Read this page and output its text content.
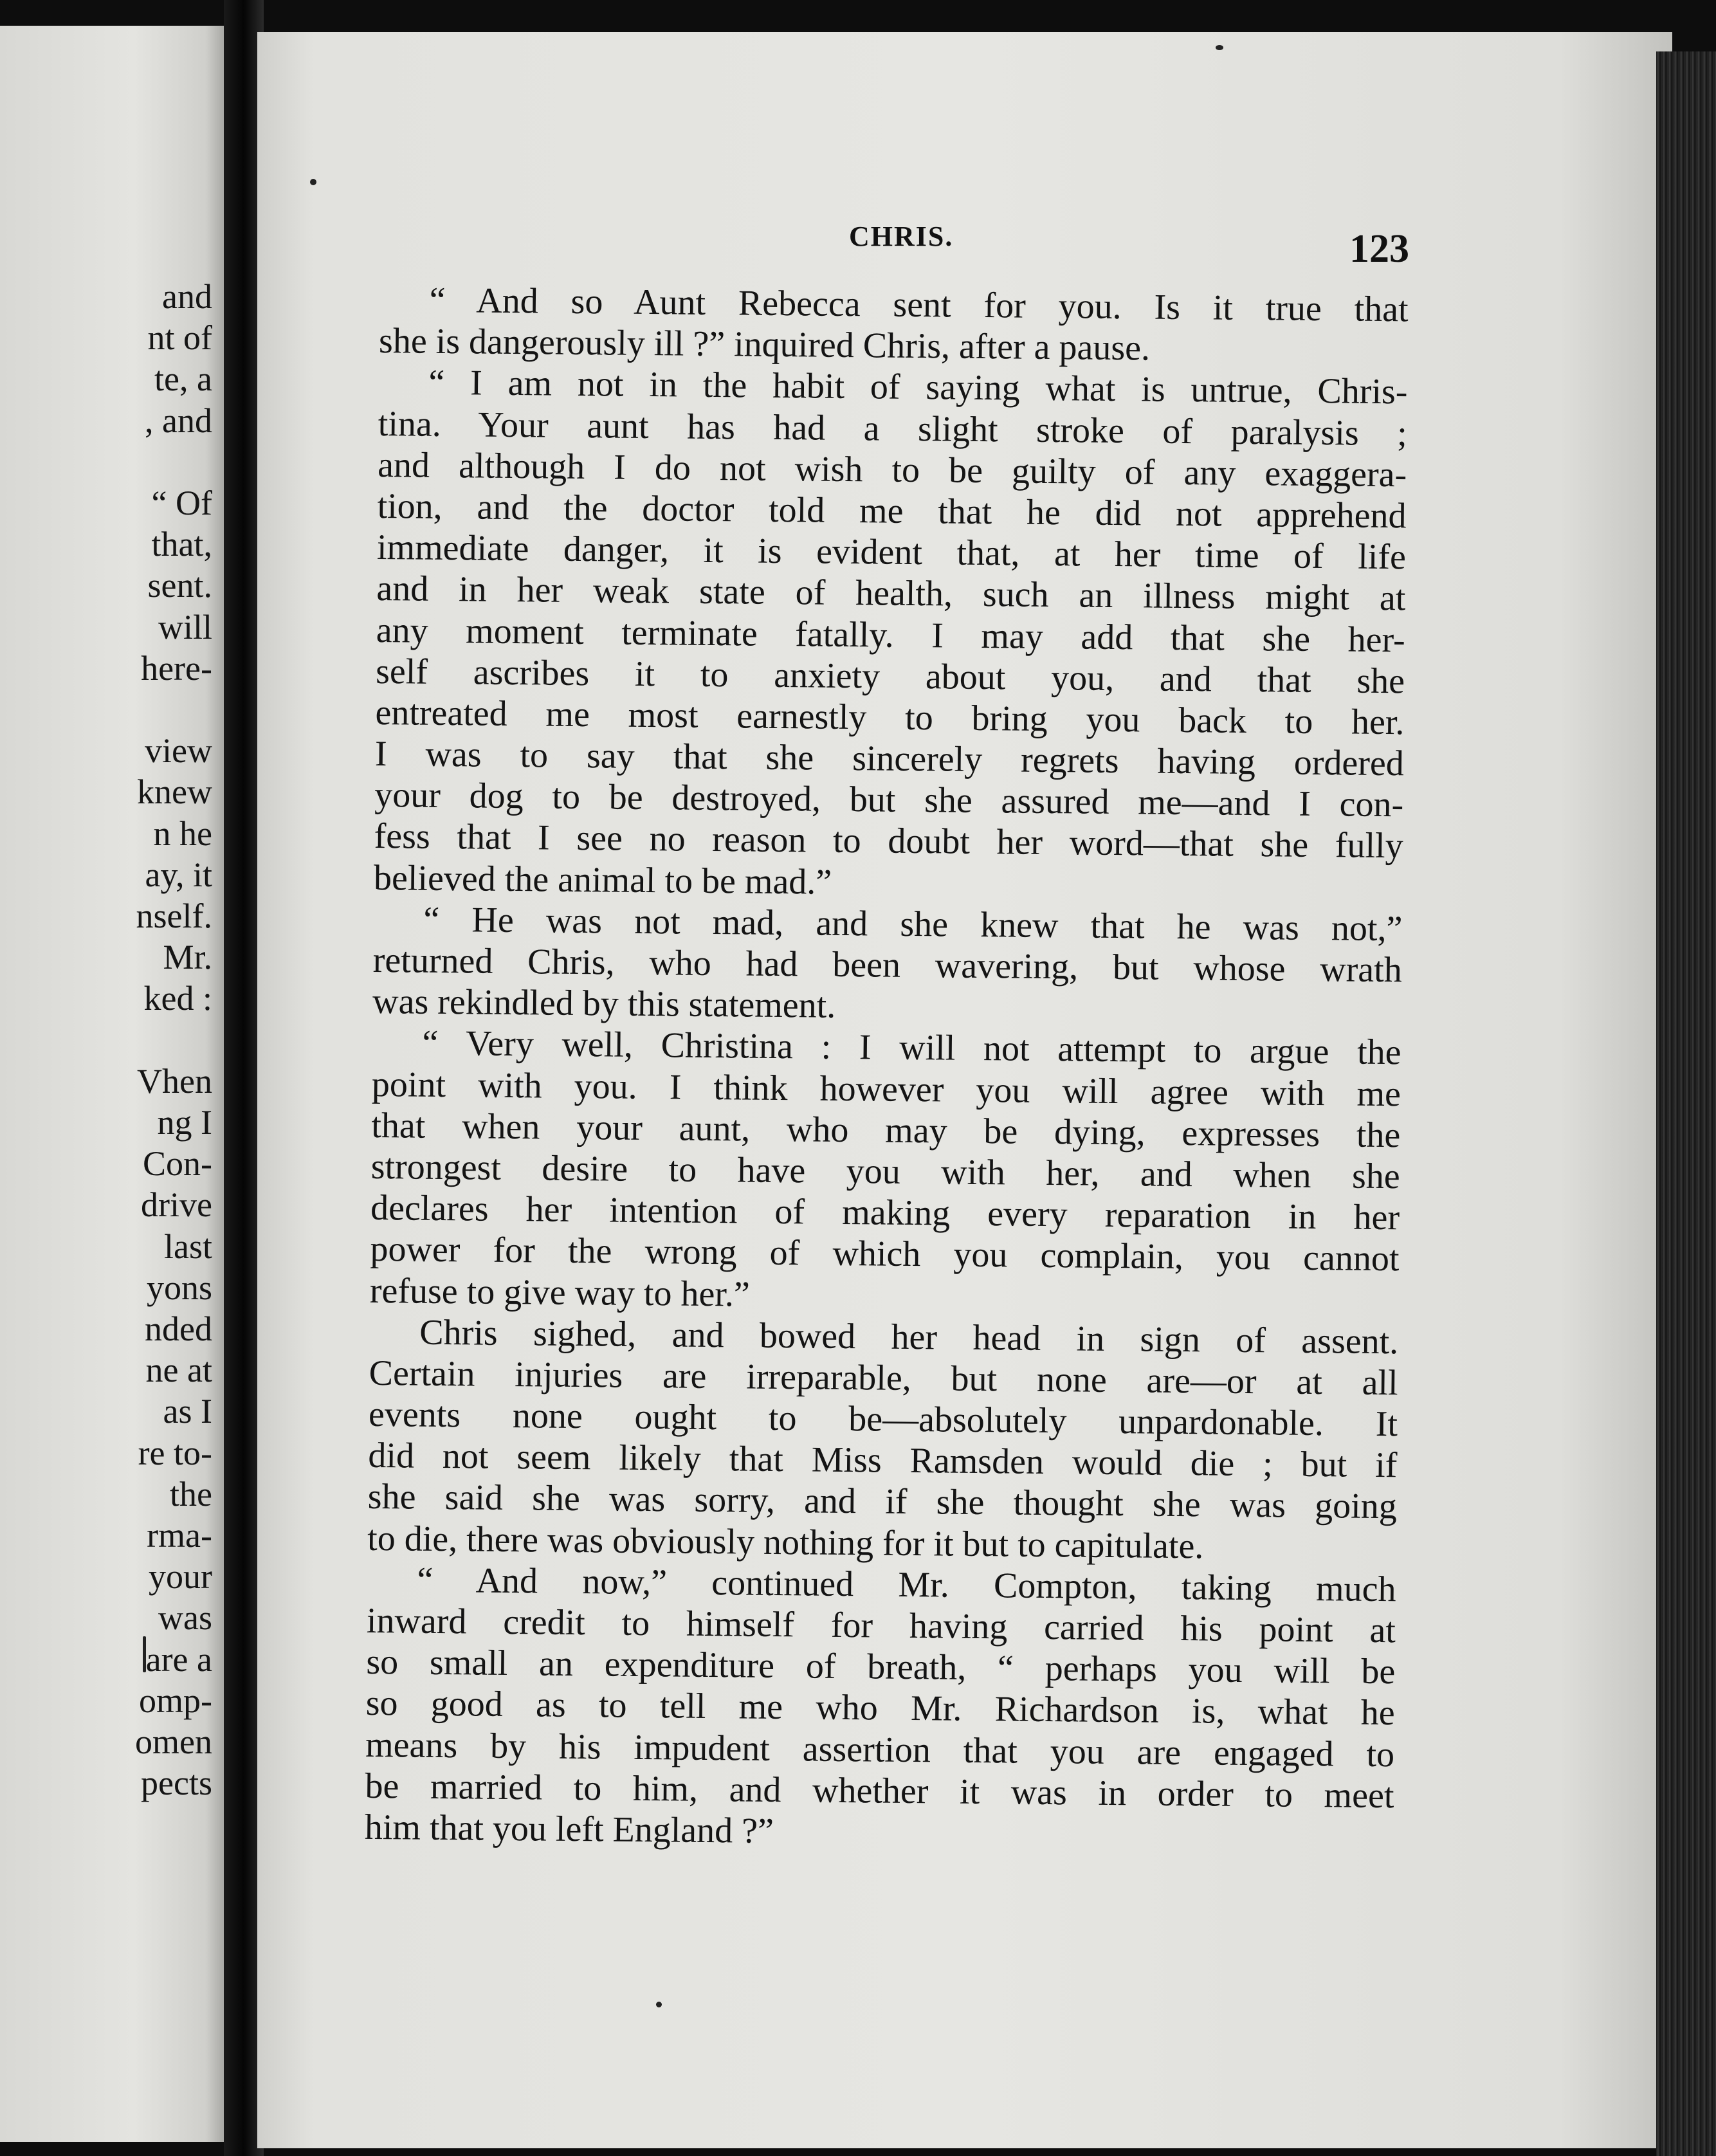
and
nt of
te, a
, and
“ Of
that,
sent.
will
here-
view
knew
n he
ay, it
nself.
Mr.
ked :
Vhen
ng I
Con-
drive
last
yons
nded
ne at
as I
re to-
the
rma-
your
was
are a
omp-
omen
pects
CHRIS.	123
“ And so Aunt Rebecca sent for you. Is it true that
she is dangerously ill ?” inquired Chris, after a pause.
“ I am not in the habit of saying what is untrue, Chris-
tina. Your aunt has had a slight stroke of paralysis ;
and although I do not wish to be guilty of any exaggera-
tion, and the doctor told me that he did not apprehend
immediate danger, it is evident that, at her time of life
and in her weak state of health, such an illness might at
any moment terminate fatally. I may add that she her-
self ascribes it to anxiety about you, and that she
entreated me most earnestly to bring you back to her.
I was to say that she sincerely regrets having ordered
your dog to be destroyed, but she assured me—and I con-
fess that I see no reason to doubt her word—that she fully
believed the animal to be mad.”
“ He was not mad, and she knew that he was not,”
returned Chris, who had been wavering, but whose wrath
was rekindled by this statement.
“ Very well, Christina : I will not attempt to argue the
point with you. I think however you will agree with me
that when your aunt, who may be dying, expresses the
strongest desire to have you with her, and when she
declares her intention of making every reparation in her
power for the wrong of which you complain, you cannot
refuse to give way to her.”
Chris sighed, and bowed her head in sign of assent.
Certain injuries are irreparable, but none are—or at all
events none ought to be—absolutely unpardonable. It
did not seem likely that Miss Ramsden would die ; but if
she said she was sorry, and if she thought she was going
to die, there was obviously nothing for it but to capitulate.
“ And now,” continued Mr. Compton, taking much
inward credit to himself for having carried his point at
so small an expenditure of breath, “ perhaps you will be
so good as to tell me who Mr. Richardson is, what he
means by his impudent assertion that you are engaged to
be married to him, and whether it was in order to meet
him that you left England ?”
